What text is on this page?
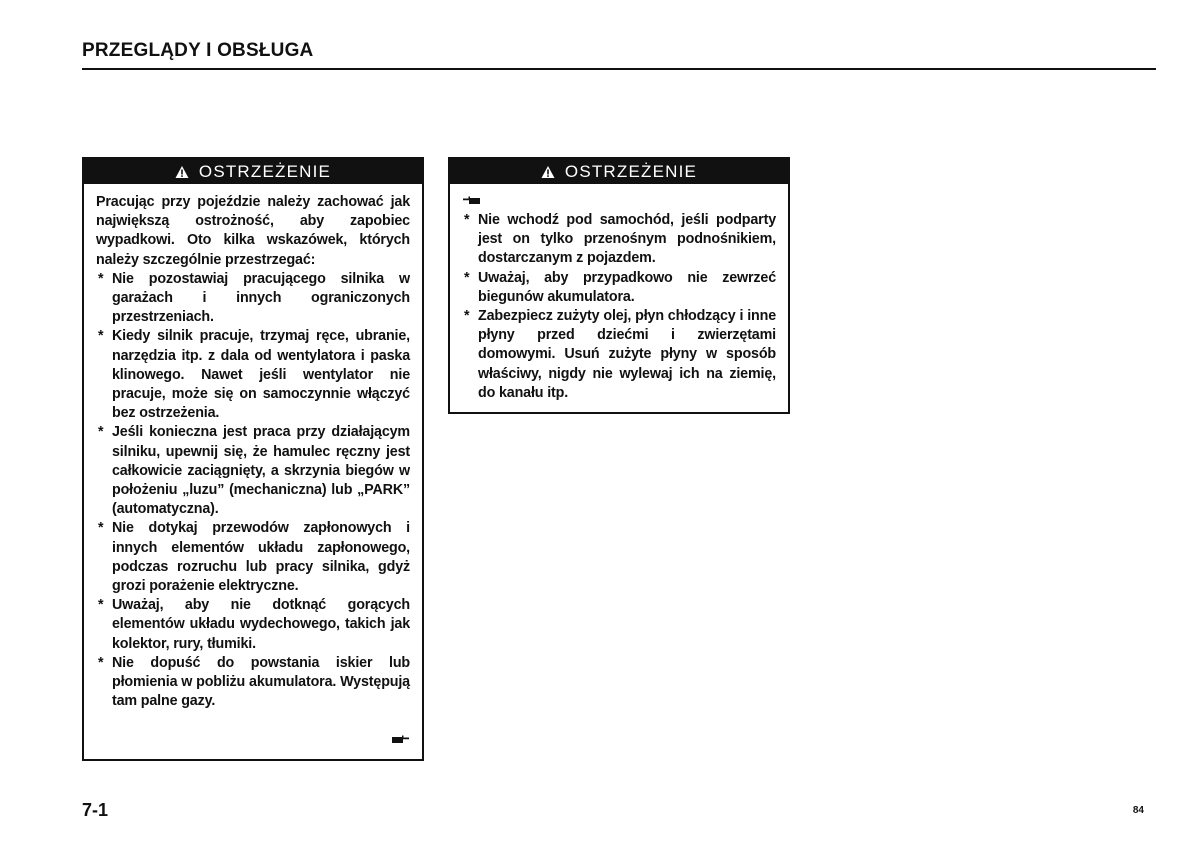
PRZEGLĄDY I OBSŁUGA
OSTRZEŻENIE

Pracując przy pojeździe należy zachować jak największą ostrożność, aby zapobiec wypadkowi. Oto kilka wskazówek, których należy szczególnie przestrzegać:

* Nie pozostawiaj pracującego silnika w garażach i innych ograniczonych przestrzeniach.
* Kiedy silnik pracuje, trzymaj ręce, ubranie, narzędzia itp. z dala od wentylatora i paska klinowego. Nawet jeśli wentylator nie pracuje, może się on samoczynnie włączyć bez ostrzeżenia.
* Jeśli konieczna jest praca przy działającym silniku, upewnij się, że hamulec ręczny jest całkowicie zaciągnięty, a skrzynia biegów w położeniu „luzu” (mechaniczna) lub „PARK” (automatyczna).
* Nie dotykaj przewodów zapłonowych i innych elementów układu zapłonowego, podczas rozruchu lub pracy silnika, gdyż grozi porażenie elektryczne.
* Uważaj, aby nie dotknąć gorących elementów układu wydechowego, takich jak kolektor, rury, tłumiki.
* Nie dopuść do powstania iskier lub płomienia w pobliżu akumulatora. Występują tam palne gazy.
OSTRZEŻENIE
* Nie wchodź pod samochód, jeśli podparty jest on tylko przenośnym podnośnikiem, dostarczanym z pojazdem.
* Uważaj, aby przypadkowo nie zewrzeć biegunów akumulatora.
* Zabezpiecz zużyty olej, płyn chłodzący i inne płyny przed dziećmi i zwierzętami domowymi. Usuń zużyte płyny w sposób właściwy, nigdy nie wylewaj ich na ziemię, do kanału itp.
7-1	84
